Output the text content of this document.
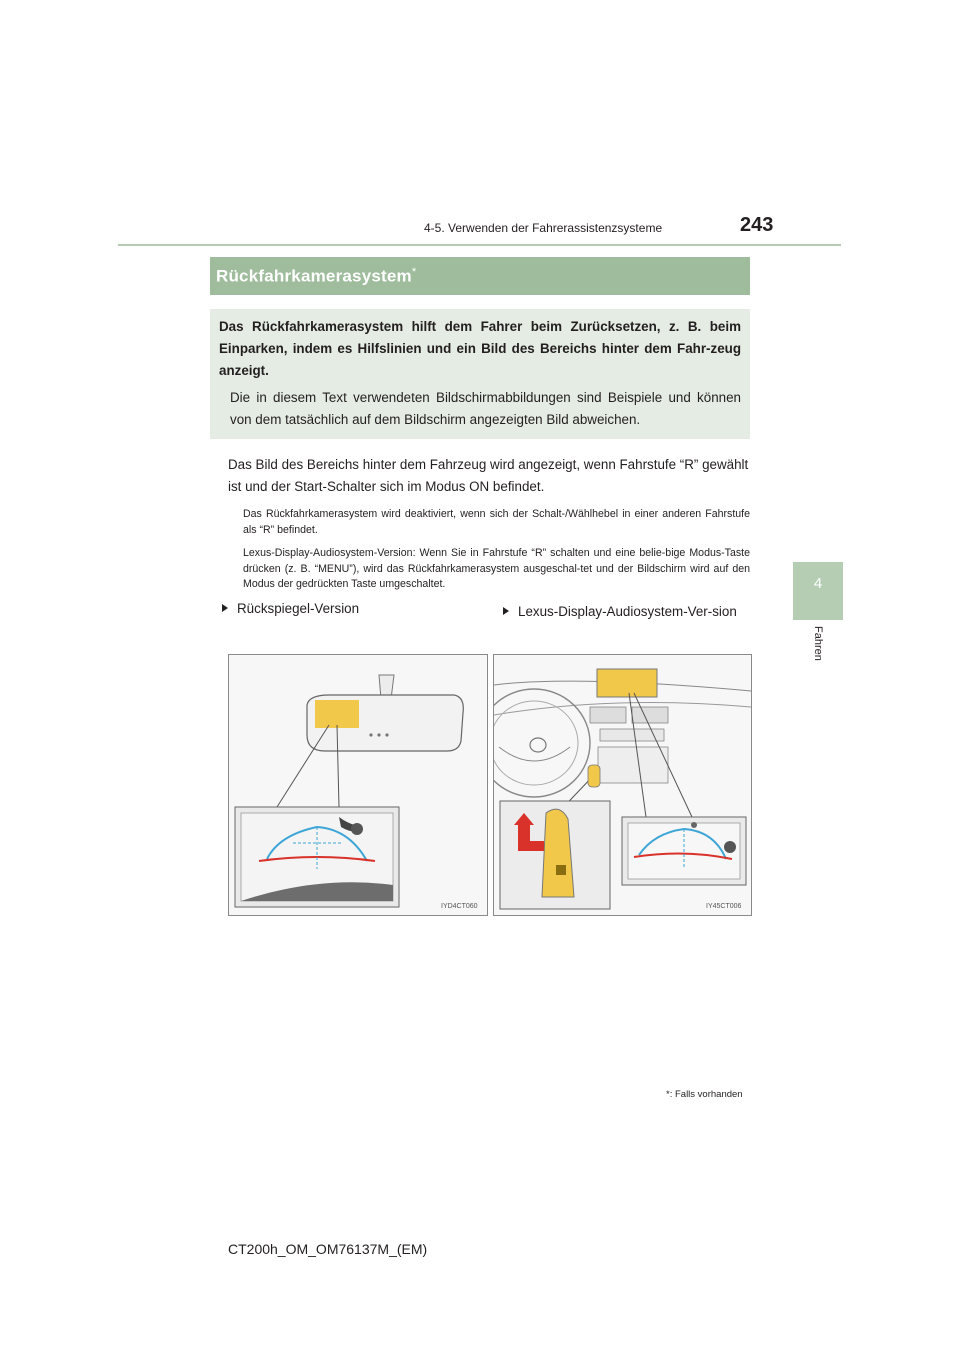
4-5. Verwenden der Fahrerassistenzsysteme	243
4
Fahren
Rückfahrkamerasystem*
Das Rückfahrkamerasystem hilft dem Fahrer beim Zurücksetzen, z. B. beim Einparken, indem es Hilfslinien und ein Bild des Bereichs hinter dem Fahr-zeug anzeigt.
Die in diesem Text verwendeten Bildschirmabbildungen sind Beispiele und können von dem tatsächlich auf dem Bildschirm angezeigten Bild abweichen.
Das Bild des Bereichs hinter dem Fahrzeug wird angezeigt, wenn Fahrstufe “R” gewählt ist und der Start-Schalter sich im Modus ON befindet.
Das Rückfahrkamerasystem wird deaktiviert, wenn sich der Schalt-/Wählhebel in einer anderen Fahrstufe als “R” befindet.
Lexus-Display-Audiosystem-Version: Wenn Sie in Fahrstufe “R” schalten und eine belie-bige Modus-Taste drücken (z. B. “MENU”), wird das Rückfahrkamerasystem ausgeschal-tet und der Bildschirm wird auf den Modus der gedrückten Taste umgeschaltet.
Rückspiegel-Version	Lexus-Display-Audiosystem-Ver-sion
IYD4CT060	IY45CT006
*: Falls vorhanden
CT200h_OM_OM76137M_(EM)
